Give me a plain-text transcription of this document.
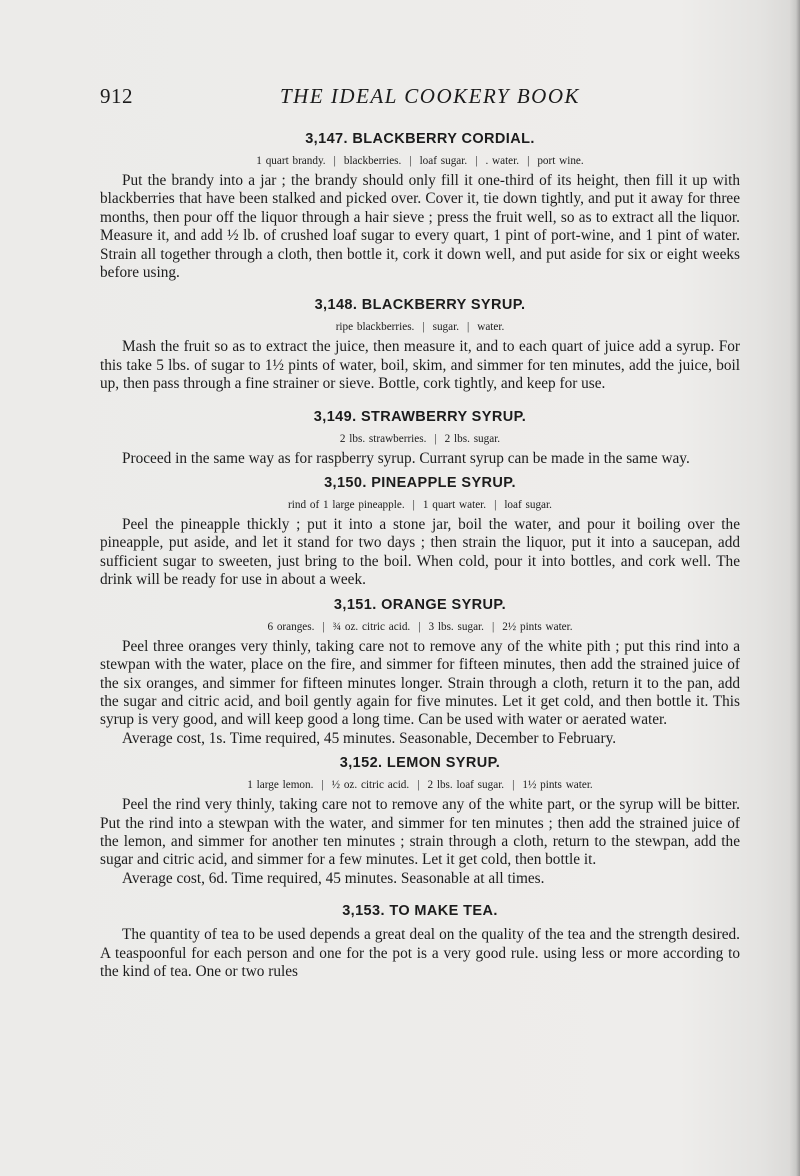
912	THE IDEAL COOKERY BOOK
3,147. BLACKBERRY CORDIAL.
1 quart brandy. | blackberries. | loaf sugar. | . water. | port wine.

Put the brandy into a jar ; the brandy should only fill it one-third of its height, then fill it up with blackberries that have been stalked and picked over. Cover it, tie down tightly, and put it away for three months, then pour off the liquor through a hair sieve ; press the fruit well, so as to extract all the liquor. Measure it, and add ½ lb. of crushed loaf sugar to every quart, 1 pint of port-wine, and 1 pint of water. Strain all together through a cloth, then bottle it, cork it down well, and put aside for six or eight weeks before using.

3,148. BLACKBERRY SYRUP.
ripe blackberries. | sugar. | water.

Mash the fruit so as to extract the juice, then measure it, and to each quart of juice add a syrup. For this take 5 lbs. of sugar to 1½ pints of water, boil, skim, and simmer for ten minutes, add the juice, boil up, then pass through a fine strainer or sieve. Bottle, cork tightly, and keep for use.

3,149. STRAWBERRY SYRUP.
2 lbs. strawberries. | 2 lbs. sugar.

Proceed in the same way as for raspberry syrup. Currant syrup can be made in the same way.

3,150. PINEAPPLE SYRUP.
rind of 1 large pineapple. | 1 quart water. | loaf sugar.

Peel the pineapple thickly ; put it into a stone jar, boil the water, and pour it boiling over the pineapple, put aside, and let it stand for two days ; then strain the liquor, put it into a saucepan, add sufficient sugar to sweeten, just bring to the boil. When cold, pour it into bottles, and cork well. The drink will be ready for use in about a week.

3,151. ORANGE SYRUP.
6 oranges. | ¾ oz. citric acid. | 3 lbs. sugar. | 2½ pints water.

Peel three oranges very thinly, taking care not to remove any of the white pith ; put this rind into a stewpan with the water, place on the fire, and simmer for fifteen minutes, then add the strained juice of the six oranges, and simmer for fifteen minutes longer. Strain through a cloth, return it to the pan, add the sugar and citric acid, and boil gently again for five minutes. Let it get cold, and then bottle it. This syrup is very good, and will keep good a long time. Can be used with water or aerated water.

Average cost, 1s. Time required, 45 minutes. Seasonable, December to February.

3,152. LEMON SYRUP.
1 large lemon. | ½ oz. citric acid. | 2 lbs. loaf sugar. | 1½ pints water.

Peel the rind very thinly, taking care not to remove any of the white part, or the syrup will be bitter. Put the rind into a stewpan with the water, and simmer for ten minutes ; then add the strained juice of the lemon, and simmer for another ten minutes ; strain through a cloth, return to the stewpan, add the sugar and citric acid, and simmer for a few minutes. Let it get cold, then bottle it.

Average cost, 6d. Time required, 45 minutes. Seasonable at all times.

3,153. TO MAKE TEA.

The quantity of tea to be used depends a great deal on the quality of the tea and the strength desired. A teaspoonful for each person and one for the pot is a very good rule. using less or more according to the kind of tea. One or two rules
